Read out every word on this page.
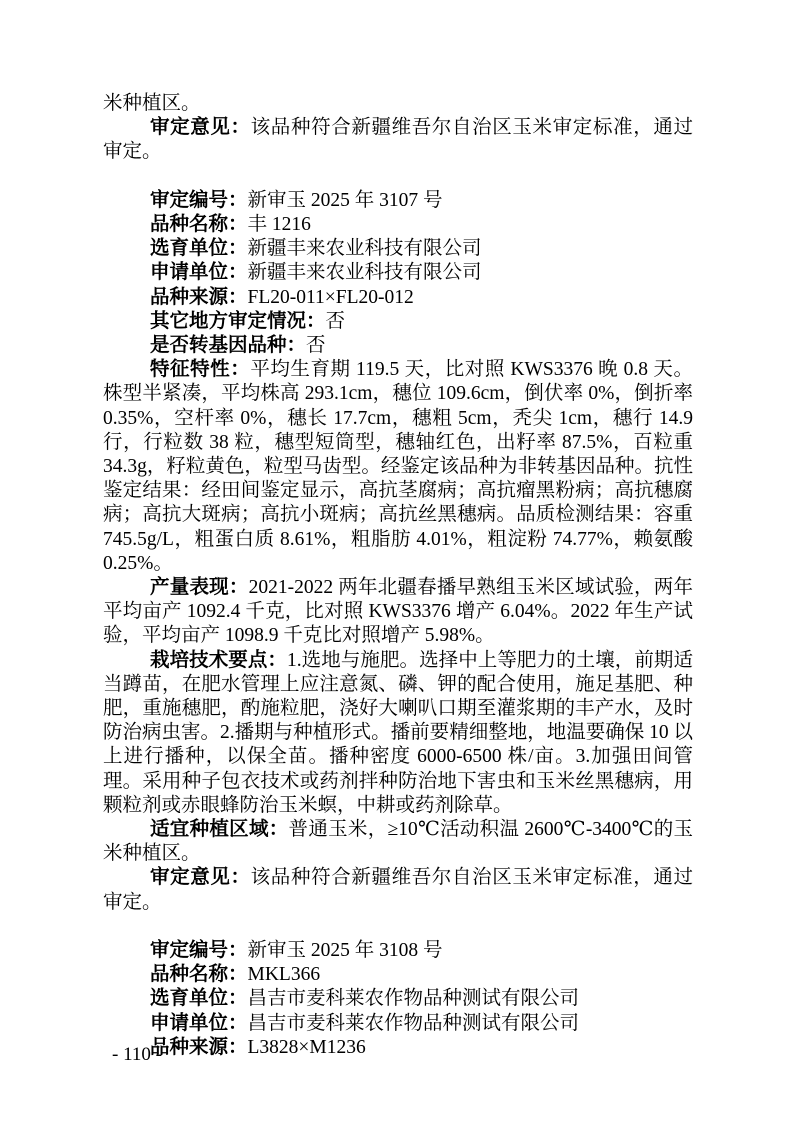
米种植区。

审定意见：该品种符合新疆维吾尔自治区玉米审定标准，通过审定。

审定编号：新审玉 2025 年 3107 号

品种名称：丰 1216

选育单位：新疆丰来农业科技有限公司

申请单位：新疆丰来农业科技有限公司

品种来源：FL20-011×FL20-012

其它地方审定情况：否

是否转基因品种：否

特征特性：平均生育期 119.5 天，比对照 KWS3376 晚 0.8 天。株型半紧凑，平均株高 293.1cm，穗位 109.6cm，倒伏率 0%，倒折率 0.35%，空杆率 0%，穗长 17.7cm，穗粗 5cm，秃尖 1cm，穗行 14.9 行，行粒数 38 粒，穗型短筒型，穗轴红色，出籽率 87.5%，百粒重 34.3g，籽粒黄色，粒型马齿型。经鉴定该品种为非转基因品种。抗性鉴定结果：经田间鉴定显示，高抗茎腐病；高抗瘤黑粉病；高抗穗腐病；高抗大斑病；高抗小斑病；高抗丝黑穗病。品质检测结果：容重 745.5g/L，粗蛋白质 8.61%，粗脂肪 4.01%，粗淀粉 74.77%，赖氨酸 0.25%。

产量表现：2021-2022 两年北疆春播早熟组玉米区域试验，两年平均亩产 1092.4 千克，比对照 KWS3376 增产 6.04%。2022 年生产试验，平均亩产 1098.9 千克比对照增产 5.98%。

栽培技术要点：1.选地与施肥。选择中上等肥力的土壤，前期适当蹲苗，在肥水管理上应注意氮、磷、钾的配合使用，施足基肥、种肥，重施穗肥，酌施粒肥，浇好大喇叭口期至灌浆期的丰产水，及时防治病虫害。2.播期与种植形式。播前要精细整地，地温要确保 10 以上进行播种，以保全苗。播种密度 6000-6500 株/亩。3.加强田间管理。采用种子包衣技术或药剂拌种防治地下害虫和玉米丝黑穗病，用颗粒剂或赤眼蜂防治玉米螟，中耕或药剂除草。

适宜种植区域：普通玉米，≥10℃活动积温 2600℃-3400℃的玉米种植区。

审定意见：该品种符合新疆维吾尔自治区玉米审定标准，通过审定。

审定编号：新审玉 2025 年 3108 号

品种名称：MKL366

选育单位：昌吉市麦科莱农作物品种测试有限公司

申请单位：昌吉市麦科莱农作物品种测试有限公司

品种来源：L3828×M1236

- 110 -
